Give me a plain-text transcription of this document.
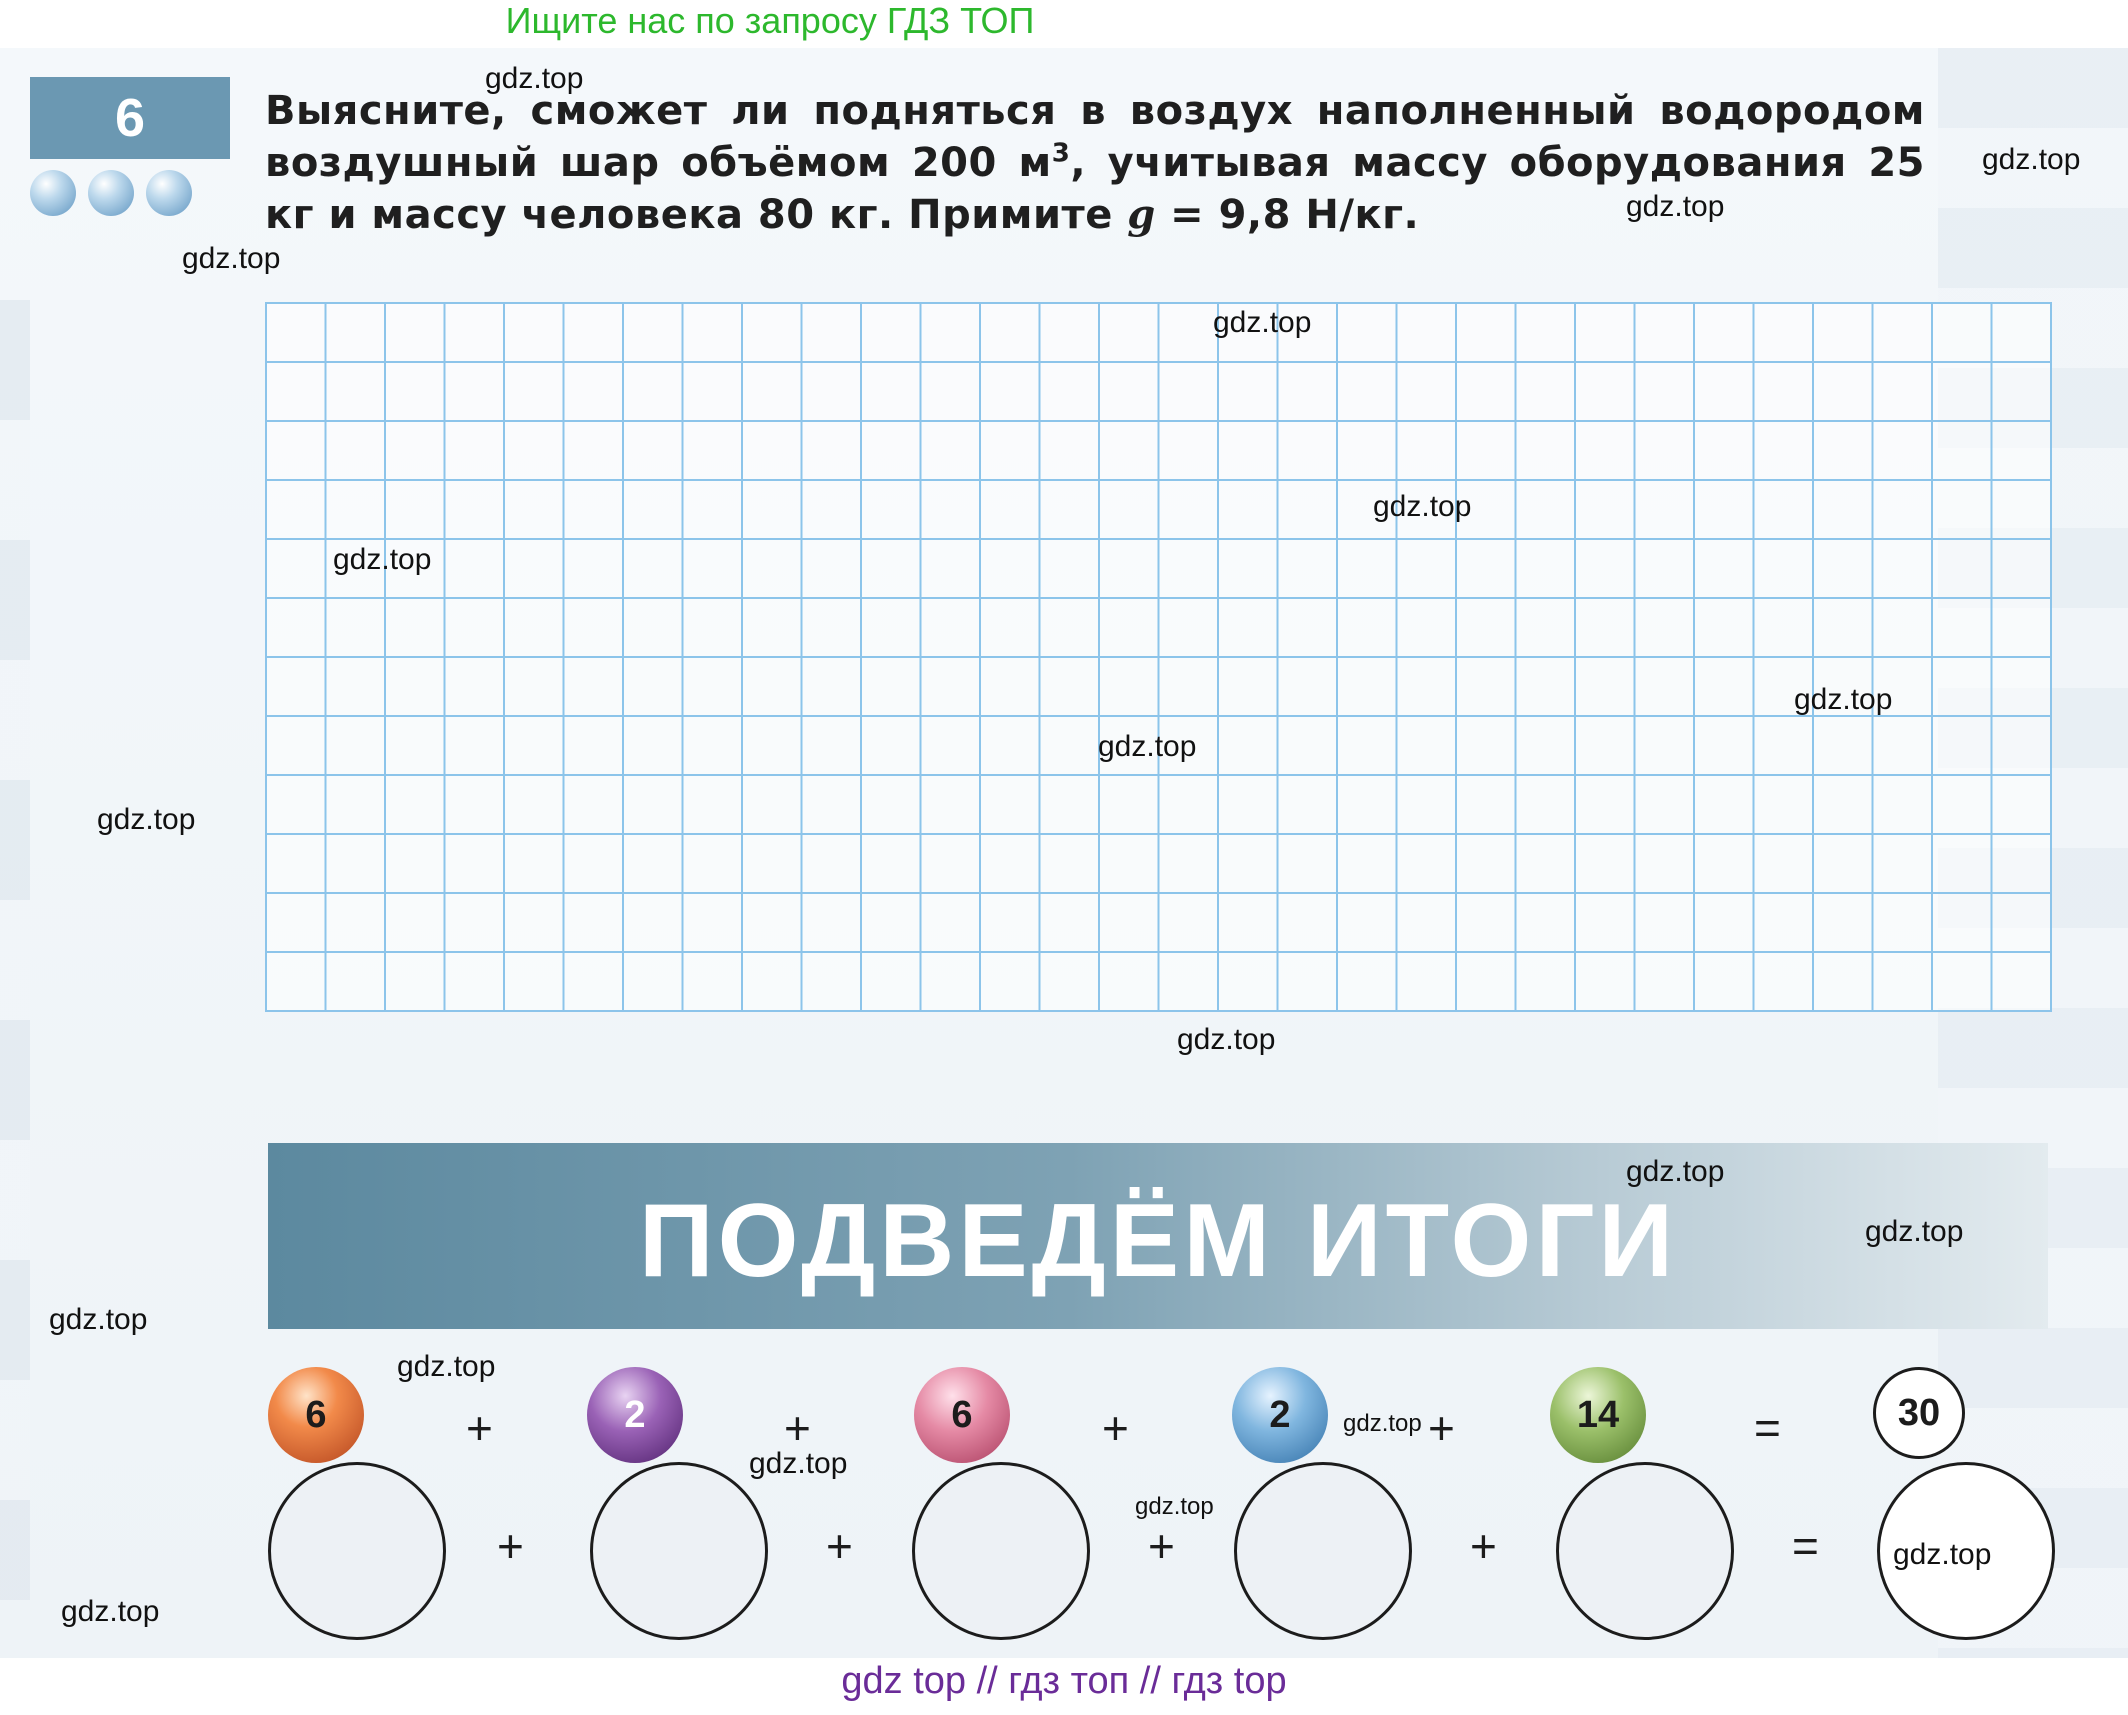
Ищите нас по запросу ГДЗ ТОП
6	Выясните, сможет ли подняться в воздух наполненный водородом воздушный шар объёмом 200 $м^3$, учитывая массу оборудования 25 кг и массу человека 80 кг. Примите g = 9,8 Н/кг.
ПОДВЕДЁМ ИТОГИ
6	2	6	2	14	30
+	+	+	+	=
+	+	+	+	=
gdz.top
gdz.top
gdz.top
gdz.top
gdz.top
gdz.top
gdz.top
gdz.top
gdz.top
gdz.top
gdz.top
gdz.top
gdz.top
gdz.top
gdz.top
gdz.top
gdz.top
gdz.top
gdz.top
gdz.top
gdz top // гдз топ // гдз top
